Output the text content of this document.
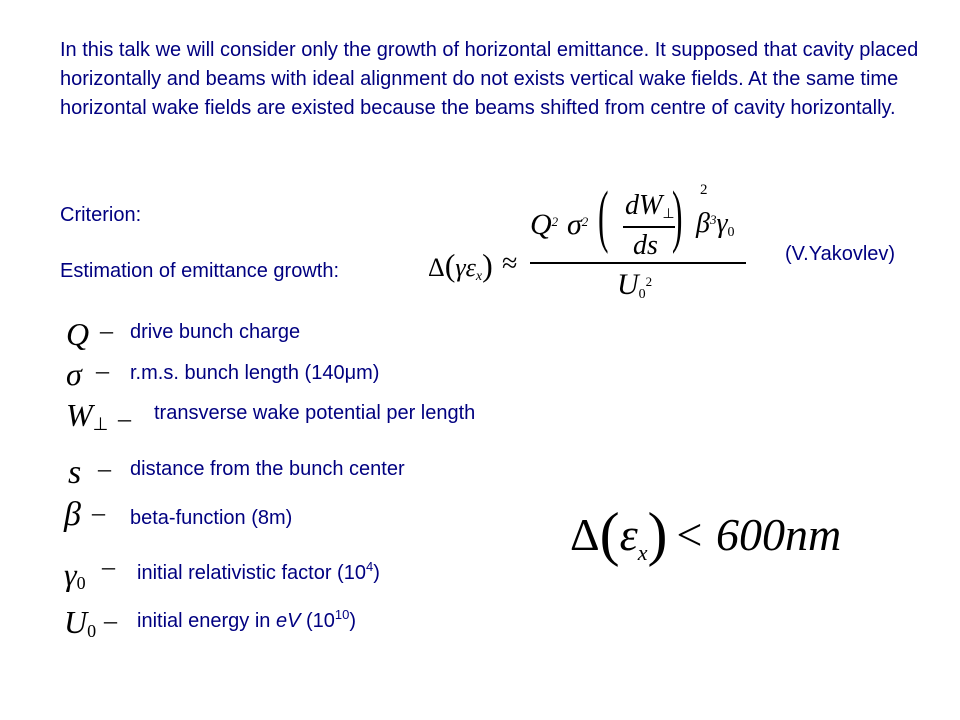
In this talk we will consider only the growth of horizontal emittance. It supposed that cavity placed horizontally and beams with ideal alignment do not exists vertical wake fields. At the same time horizontal wake fields are existed because the beams shifted from centre of cavity horizontally.
Criterion:
Estimation of emittance growth:
(V.Yakovlev)
$\Delta(\gamma\varepsilon_x)$ ≈
$Q^2$ $\sigma^2$ ( $dW_\perp$
ds ) 2
$\beta^3\gamma_0$
$U_0^2$
Q – drive bunch charge
σ – r.m.s. bunch length (140μm)
$W_\perp$ – transverse wake potential per length
s – distance from the bunch center
β – beta-function (8m)
$\gamma_0$
– initial relativistic factor $(10^4)$
$U_0$ – initial energy in eV $(10^{10})$
$\Delta(\varepsilon_x) < 600nm$
